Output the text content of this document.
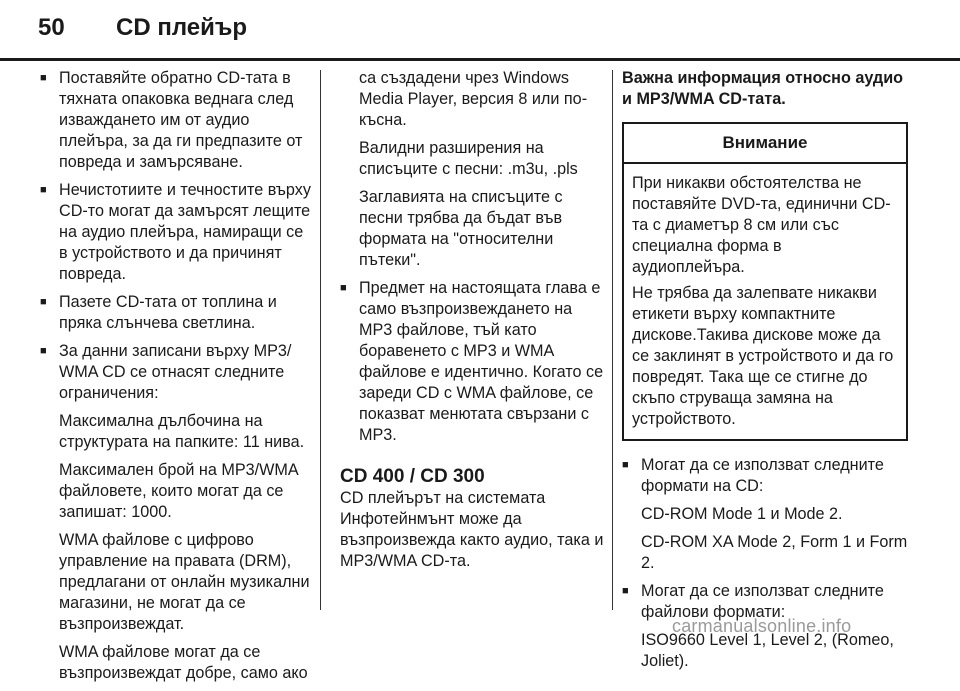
50 CD плейър

■ Поставяйте обратно CD-тата в тяхната опаковка веднага след изваждането им от аудио плейъра, за да ги предпазите от повреда и замърсяване.

■ Нечистотиите и течностите върху CD-то могат да замърсят лещите на аудио плейъра, намиращи се в устройството и да причинят повреда.

■ Пазете CD-тата от топлина и пряка слънчева светлина.

■ За данни записани върху MP3/ WMA CD се отнасят следните ограничения:

Максимална дълбочина на структурата на папките: 11 нива.

Максимален брой на MP3/WMA файловете, които могат да се запишат: 1000.

WMA файлове с цифрово управление на правата (DRM), предлагани от онлайн музикални магазини, не могат да се възпроизвеждат.

WMA файлове могат да се възпроизвеждат добре, само ако

са създадени чрез Windows Media Player, версия 8 или по-късна.

Валидни разширения на списъците с песни: .m3u, .pls

Заглавията на списъците с песни трябва да бъдат във формата на "относителни пътеки".

■ Предмет на настоящата глава е само възпроизвеждането на MP3 файлове, тъй като боравенето с MP3 и WMA файлове е идентично. Когато се зареди CD с WMA файлове, се показват менютата свързани с MP3.

CD 400 / CD 300

CD плейърът на системата Инфотейнмънт може да възпроизвежда както аудио, така и MP3/WMA CD-та.

Важна информация относно аудио и MP3/WMA CD-тата.

Внимание

При никакви обстоятелства не поставяйте DVD-та, единични CD-та с диаметър 8 см или със специална форма в аудиоплейъра.

Не трябва да залепвате никакви етикети върху компактните дискове.Такива дискове може да се заклинят в устройството и да го повредят. Така ще се стигне до скъпо струваща замяна на устройството.

■ Могат да се използват следните формати на CD:

CD-ROM Mode 1 и Mode 2.

CD-ROM XA Mode 2, Form 1 и Form 2.

■ Могат да се използват следните файлови формати:

ISO9660 Level 1, Level 2, (Romeo, Joliet).

carmanualsonline.info
